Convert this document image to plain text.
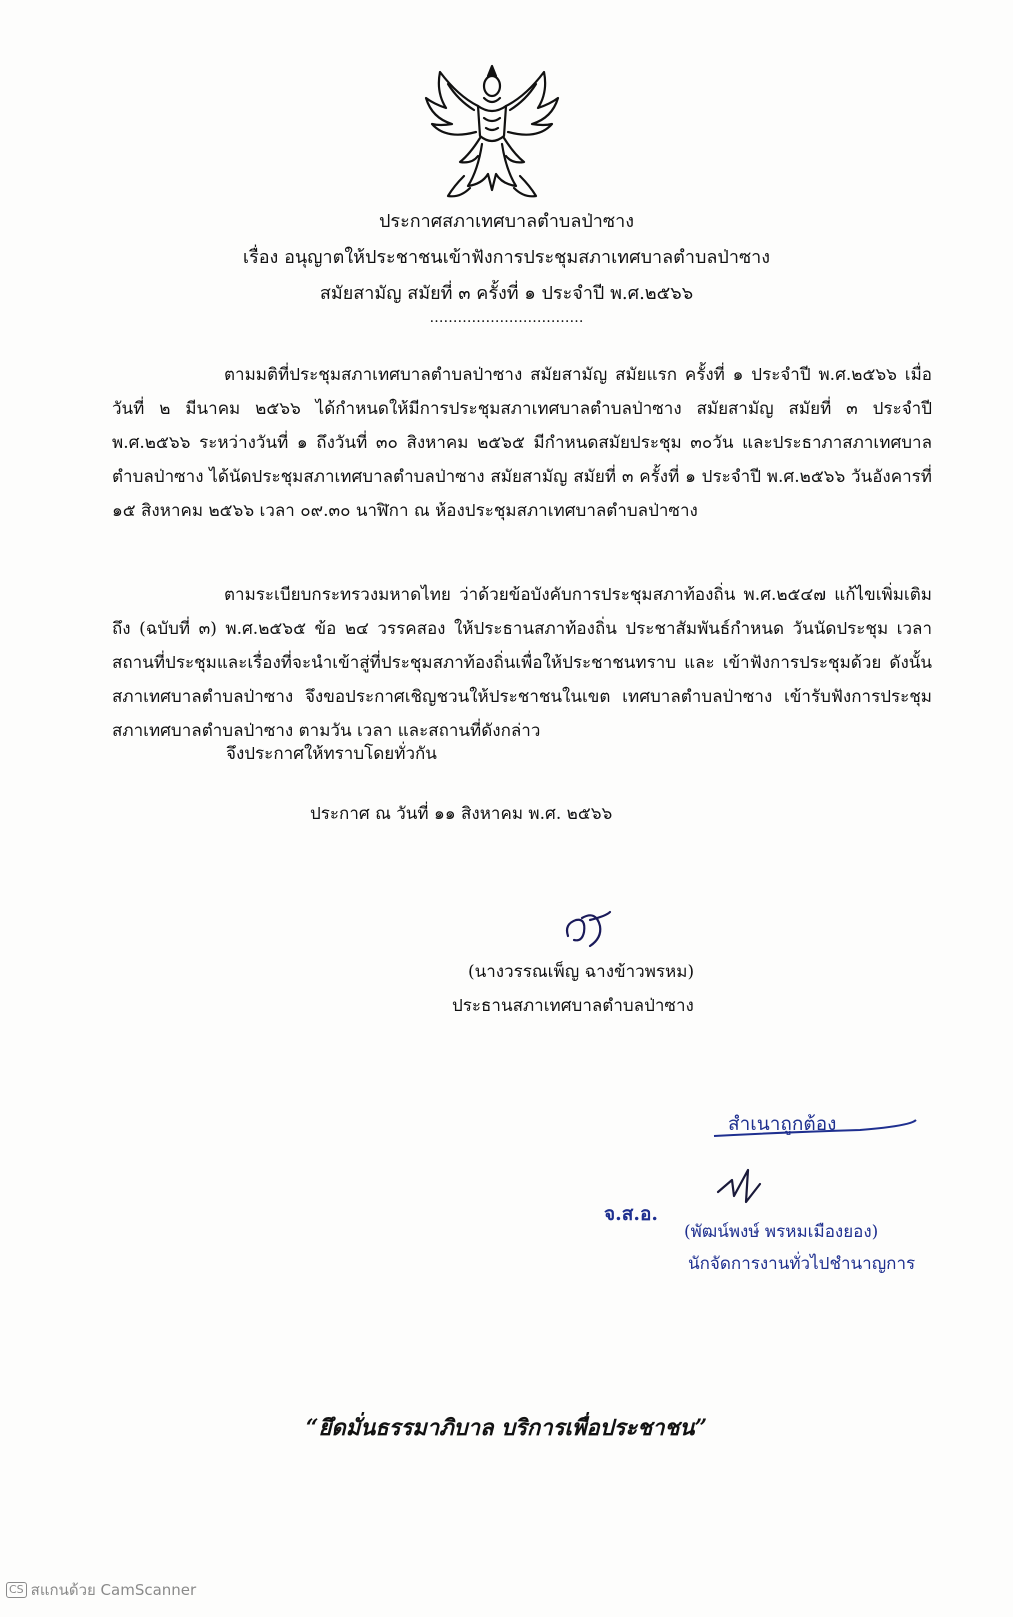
ประกาศสภาเทศบาลตำบลป่าซาง
เรื่อง อนุญาตให้ประชาชนเข้าฟังการประชุมสภาเทศบาลตำบลป่าซาง
สมัยสามัญ สมัยที่ ๓ ครั้งที่ ๑ ประจำปี พ.ศ.๒๕๖๖
……………………………

ตามมติที่ประชุมสภาเทศบาลตำบลป่าซาง สมัยสามัญ สมัยแรก ครั้งที่ ๑ ประจำปี พ.ศ.๒๕๖๖ เมื่อวันที่ ๒ มีนาคม ๒๕๖๖ ได้กำหนดให้มีการประชุมสภาเทศบาลตำบลป่าซาง สมัยสามัญ สมัยที่ ๓ ประจำปี พ.ศ.๒๕๖๖ ระหว่างวันที่ ๑ ถึงวันที่ ๓๐ สิงหาคม ๒๕๖๕ มีกำหนดสมัยประชุม ๓๐วัน และประธาภาสภาเทศบาลตำบลป่าซาง ได้นัดประชุมสภาเทศบาลตำบลป่าซาง สมัยสามัญ สมัยที่ ๓ ครั้งที่ ๑ ประจำปี พ.ศ.๒๕๖๖ วันอังคารที่ ๑๕ สิงหาคม ๒๕๖๖ เวลา ๐๙.๓๐ นาฬิกา ณ ห้องประชุมสภาเทศบาลตำบลป่าซาง

ตามระเบียบกระทรวงมหาดไทย ว่าด้วยข้อบังคับการประชุมสภาท้องถิ่น พ.ศ.๒๕๔๗ แก้ไขเพิ่มเติมถึง (ฉบับที่ ๓) พ.ศ.๒๕๖๕ ข้อ ๒๔ วรรคสอง ให้ประธานสภาท้องถิ่น ประชาสัมพันธ์กำหนด วันนัดประชุม เวลา สถานที่ประชุมและเรื่องที่จะนำเข้าสู่ที่ประชุมสภาท้องถิ่นเพื่อให้ประชาชนทราบ และ เข้าฟังการประชุมด้วย ดังนั้น สภาเทศบาลตำบลป่าซาง จึงขอประกาศเชิญชวนให้ประชาชนในเขต เทศบาลตำบลป่าซาง เข้ารับฟังการประชุมสภาเทศบาลตำบลป่าซาง ตามวัน เวลา และสถานที่ดังกล่าว

จึงประกาศให้ทราบโดยทั่วกัน
ประกาศ ณ วันที่ ๑๑ สิงหาคม พ.ศ. ๒๕๖๖
(นางวรรณเพ็ญ ฉางข้าวพรหม)
ประธานสภาเทศบาลตำบลป่าซาง
สำเนาถูกต้อง
จ.ส.อ.
(พัฒน์พงษ์ พรหมเมืองยอง)
นักจัดการงานทั่วไปชำนาญการ
“ยึดมั่นธรรมาภิบาล บริการเพื่อประชาชน”
CS สแกนด้วย CamScanner
